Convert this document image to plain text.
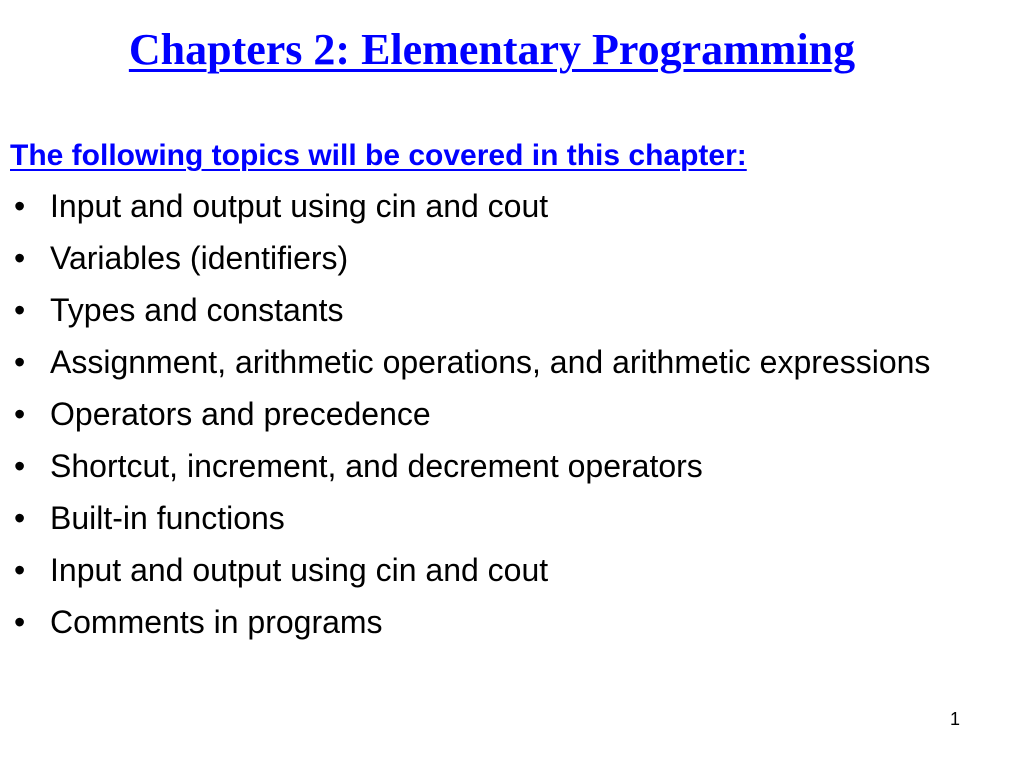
Chapters 2: Elementary Programming
The following topics will be covered in this chapter:
• Input and output using cin and cout
• Variables (identifiers)
• Types and constants
• Assignment, arithmetic operations, and arithmetic expressions
• Operators and precedence
• Shortcut, increment, and decrement operators
• Built-in functions
• Input and output using cin and cout
• Comments in programs
1
